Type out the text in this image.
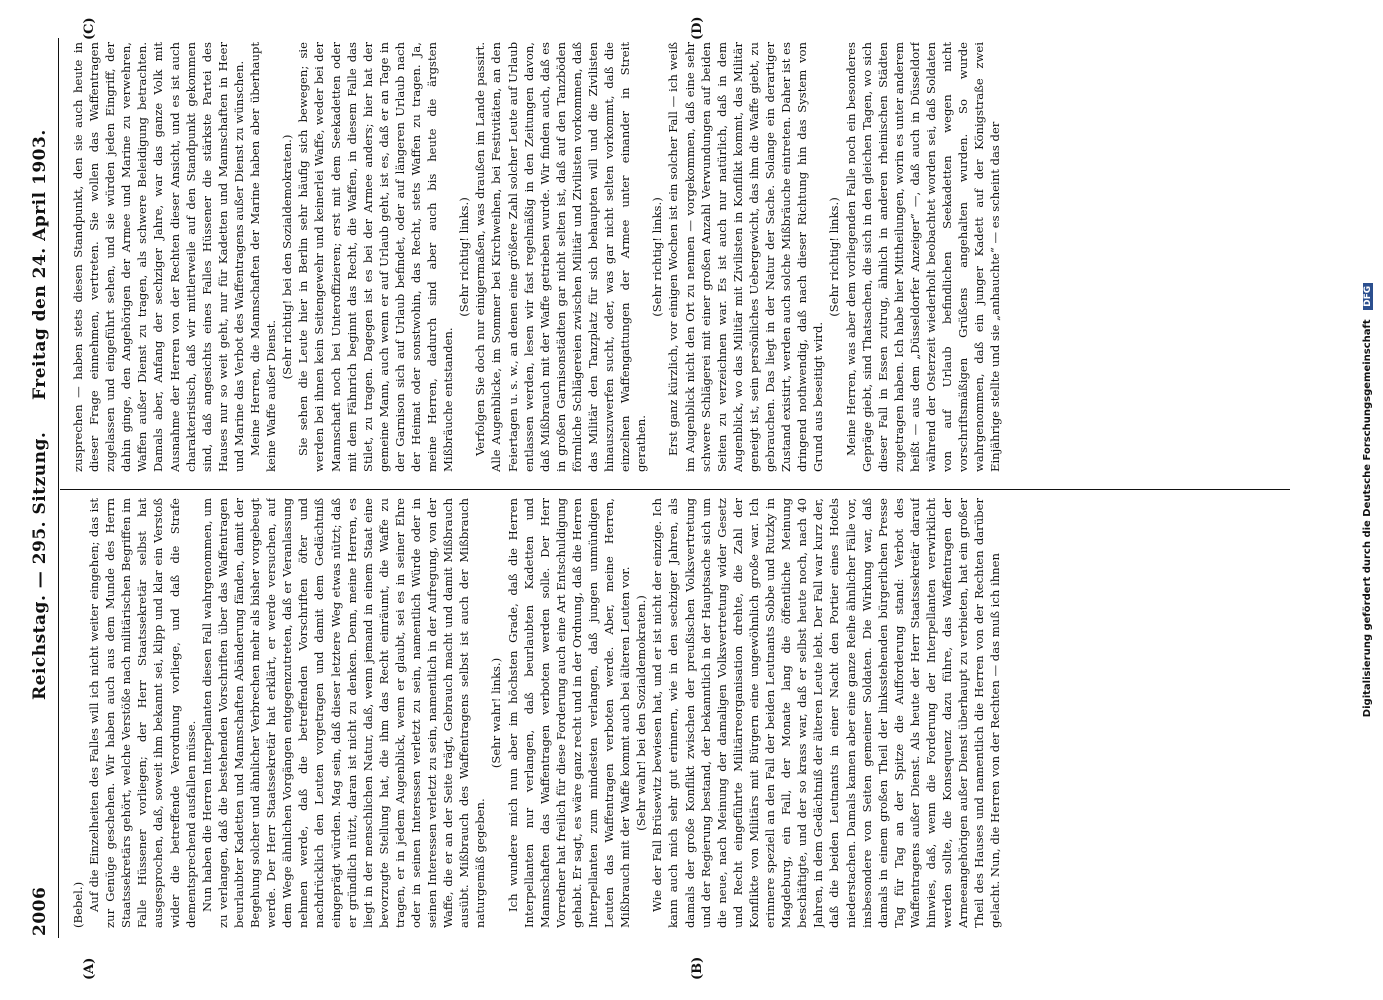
2006
Reichstag. — 295. Sitzung.
Freitag den 24. April 1903.
(A)	(B)
(C)	(D)

(Bebel.) Auf die Einzelheiten des Falles will ich nicht weiter eingehen; das ist zur Genüge geschehen. Wir haben auch aus dem Munde des Herrn Staatssekretärs gehört, welche Verstöße nach militärischen Begriffen im Falle Hüssener vorliegen; der Herr Staatssekretär selbst hat ausgesprochen, daß, soweit ihm bekannt sei, klipp und klar ein Verstoß wider die betreffende Verordnung vorliege, und daß die Strafe dementsprechend ausfallen müsse. Nun haben die Herren Interpellanten diesen Fall wahrgenommen, um zu verlangen, daß die bestehenden Vorschriften über das Waffentragen beurlaubter Kadetten und Mannschaften Abänderung fänden, damit der Begehung solcher und ähnlicher Verbrechen mehr als bisher vorgebeugt werde. Der Herr Staatssekretär hat erklärt, er werde versuchen, auf dem Wege ähnlichen Vorgängen entgegenzutreten, daß er Veranlassung nehmen werde, daß die betreffenden Vorschriften öfter und nachdrücklich den Leuten vorgetragen und damit dem Gedächtniß eingeprägt würden. Mag sein, daß dieser letztere Weg etwas nützt; daß er gründlich nützt, daran ist nicht zu denken. Denn, meine Herren, es liegt in der menschlichen Natur, daß, wenn jemand in einem Staat eine bevorzugte Stellung hat, die ihm das Recht einräumt, die Waffe zu tragen, er in jedem Augenblick, wenn er glaubt, sei es in seiner Ehre oder in seinen Interessen verletzt zu sein, namentlich Würde oder in seinen Interessen verletzt zu sein, namentlich in der Aufregung, von der Waffe, die er an der Seite trägt, Gebrauch macht und damit Mißbrauch ausübt. Mißbrauch des Waffentragens selbst ist auch der Mißbrauch naturgemäß gegeben.

(Sehr wahr! links.) Ich wundere mich nun aber im höchsten Grade, daß die Herren Interpellanten nur verlangen, daß beurlaubten Kadetten und Mannschaften das Waffentragen verboten werden solle. Der Herr Vorredner hat freilich für diese Forderung auch eine Art Entschuldigung gehabt. Er sagt, es wäre ganz recht und in der Ordnung, daß die Herren Interpellanten zum mindesten verlangen, daß jungen unmündigen Leuten das Waffentragen verboten werde. Aber, meine Herren, Mißbrauch mit der Waffe kommt auch bei älteren Leuten vor. (Sehr wahr! bei den Sozialdemokraten.) Wie der Fall Brüsewitz bewiesen hat, und er ist nicht der einzige. Ich kann auch mich sehr gut erinnern, wie in den sechziger Jahren, als damals der große Konflikt zwischen der preußischen Volksvertretung und der Regierung bestand, der bekanntlich in der Hauptsache sich um die neue, nach Meinung der damaligen Volksvertretung wider Gesetz und Recht eingeführte Militärreorganisation drehte, die Zahl der Konflikte von Militärs mit Bürgern eine ungewöhnlich große war. Ich erinnere speziell an den Fall der beiden Leutnants Sobbe und Rutzky in Magdeburg, ein Fall, der Monate lang die öffentliche Meinung beschäftigte, und der so krass war, daß er selbst heute noch, nach 40 Jahren, in dem Gedächtniß der älteren Leute lebt. Der Fall war kurz der, daß die beiden Leutnants in einer Nacht den Portier eines Hotels niederstachen. Damals kamen aber eine ganze Reihe ähnlicher Fälle vor, insbesondere von Seiten gemeiner Soldaten. Die Wirkung war, daß damals in einem großen Theil der linksstehenden bürgerlichen Presse Tag für Tag an der Spitze die Aufforderung stand: Verbot des Waffentragens außer Dienst. Als heute der Herr Staatssekretär darauf hinwies, daß, wenn die Forderung der Interpellanten verwirklicht werden sollte, die Konsequenz dazu führe, das Waffentragen der Armeeangehörigen außer Dienst überhaupt zu verbieten, hat ein großer Theil des Hauses und namentlich die Herren von der Rechten darüber gelacht. Nun, die Herren von der Rechten — das muß ich ihnen

zusprechen — haben stets diesen Standpunkt, den sie auch heute in dieser Frage einnehmen, vertreten. Sie wollen das Waffentragen zugelassen und eingeführt sehen, und sie würden jeden Eingriff, der dahin ginge, den Angehörigen der Armee und Marine zu verwehren, Waffen außer Dienst zu tragen, als schwere Beleidigung betrachten. Damals aber, Anfang der sechziger Jahre, war das ganze Volk mit Ausnahme der Herren von der Rechten dieser Ansicht, und es ist auch charakteristisch, daß wir mittlerweile auf den Standpunkt gekommen sind, daß angesichts eines Falles Hüssener die stärkste Partei des Hauses nur so weit geht, nur für Kadetten und Mannschaften in Heer und Marine das Verbot des Waffentragens außer Dienst zu wünschen. Meine Herren, die Mannschaften der Marine haben aber überhaupt keine Waffe außer Dienst.

(Sehr richtig! bei den Sozialdemokraten.) Sie sehen die Leute hier in Berlin sehr häufig sich bewegen; sie werden bei ihnen kein Seitengewehr und keinerlei Waffe, weder bei der Mannschaft noch bei Unteroffizieren; erst mit dem Seekadetten oder mit dem Fähnrich beginnt das Recht, die Waffen, in diesem Falle das Stilet, zu tragen. Dagegen ist es bei der Armee anders; hier hat der gemeine Mann, auch wenn er auf Urlaub geht, ist es, daß er an Tage in der Garnison sich auf Urlaub befindet, oder auf längeren Urlaub nach der Heimat oder sonstwohin, das Recht, stets Waffen zu tragen. Ja, meine Herren, dadurch sind aber auch bis heute die ärgsten Mißbräuche entstanden.

(Sehr richtig! links.) Verfolgen Sie doch nur einigermaßen, was draußen im Lande passirt. Alle Augenblicke, im Sommer bei Kirchweihen, bei Festivitäten, an den Feiertagen u. s. w., an denen eine größere Zahl solcher Leute auf Urlaub entlassen werden, lesen wir fast regelmäßig in den Zeitungen davon, daß Mißbrauch mit der Waffe getrieben wurde. Wir finden auch, daß es in großen Garnisonstädten gar nicht selten ist, daß auf den Tanzböden förmliche Schlägereien zwischen Militär und Zivilisten vorkommen, daß das Militär den Tanzplatz für sich behaupten will und die Zivilisten hinauszuwerfen sucht, oder, was gar nicht selten vorkommt, daß die einzelnen Waffengattungen der Armee unter einander in Streit gerathen.

(Sehr richtig! links.) Erst ganz kürzlich, vor einigen Wochen ist ein solcher Fall — ich weiß im Augenblick nicht den Ort zu nennen — vorgekommen, daß eine sehr schwere Schlägerei mit einer großen Anzahl Verwundungen auf beiden Seiten zu verzeichnen war. Es ist auch nur natürlich, daß in dem Augenblick, wo das Militär mit Zivilisten in Konflikt kommt, das Militär geneigt ist, sein persönliches Uebergewicht, das ihm die Waffe giebt, zu gebrauchen. Das liegt in der Natur der Sache. Solange ein derartiger Zustand existirt, werden auch solche Mißbräuche eintreten. Daher ist es dringend nothwendig, daß nach dieser Richtung hin das System von Grund aus beseitigt wird.

(Sehr richtig! links.) Meine Herren, was aber dem vorliegenden Falle noch ein besonderes Gepräge giebt, sind Thatsachen, die sich in den gleichen Tagen, wo sich dieser Fall in Essen zutrug, ähnlich in anderen rheinischen Städten zugetragen haben. Ich habe hier Mittheilungen, worin es unter anderem heißt — aus dem „Düsseldorfer Anzeiger“ —, daß auch in Düsseldorf während der Osterzeit wiederholt beobachtet worden sei, daß Soldaten von auf Urlaub befindlichen Seekadetten wegen nicht vorschriftsmäßigen Grüßens angehalten wurden. So wurde wahrgenommen, daß ein junger Kadett auf der Königstraße zwei Einjährige stellte und sie „anhauchte“ — es scheint das der

Digitalisierung gefördert durch die Deutsche Forschungsgemeinschaft DFG
